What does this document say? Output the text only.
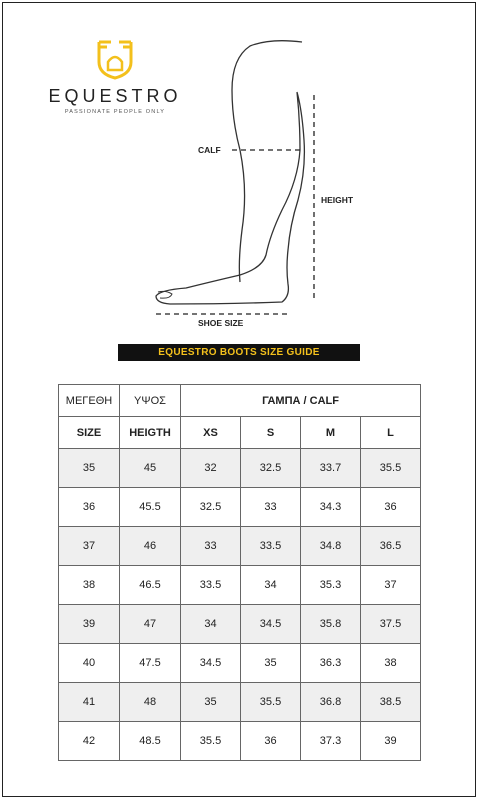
EQUESTRO
PASSIONATE PEOPLE ONLY
CALF
HEIGHT
SHOE SIZE
EQUESTRO BOOTS SIZE GUIDE
ΜΕΓΕΘΗ	ΥΨΟΣ	ΓΑΜΠΑ / CALF			
SIZE	HEIGTH	XS	S	M	L
35	45	32	32.5	33.7	35.5
36	45.5	32.5	33	34.3	36
37	46	33	33.5	34.8	36.5
38	46.5	33.5	34	35.3	37
39	47	34	34.5	35.8	37.5
40	47.5	34.5	35	36.3	38
41	48	35	35.5	36.8	38.5
42	48.5	35.5	36	37.3	39
